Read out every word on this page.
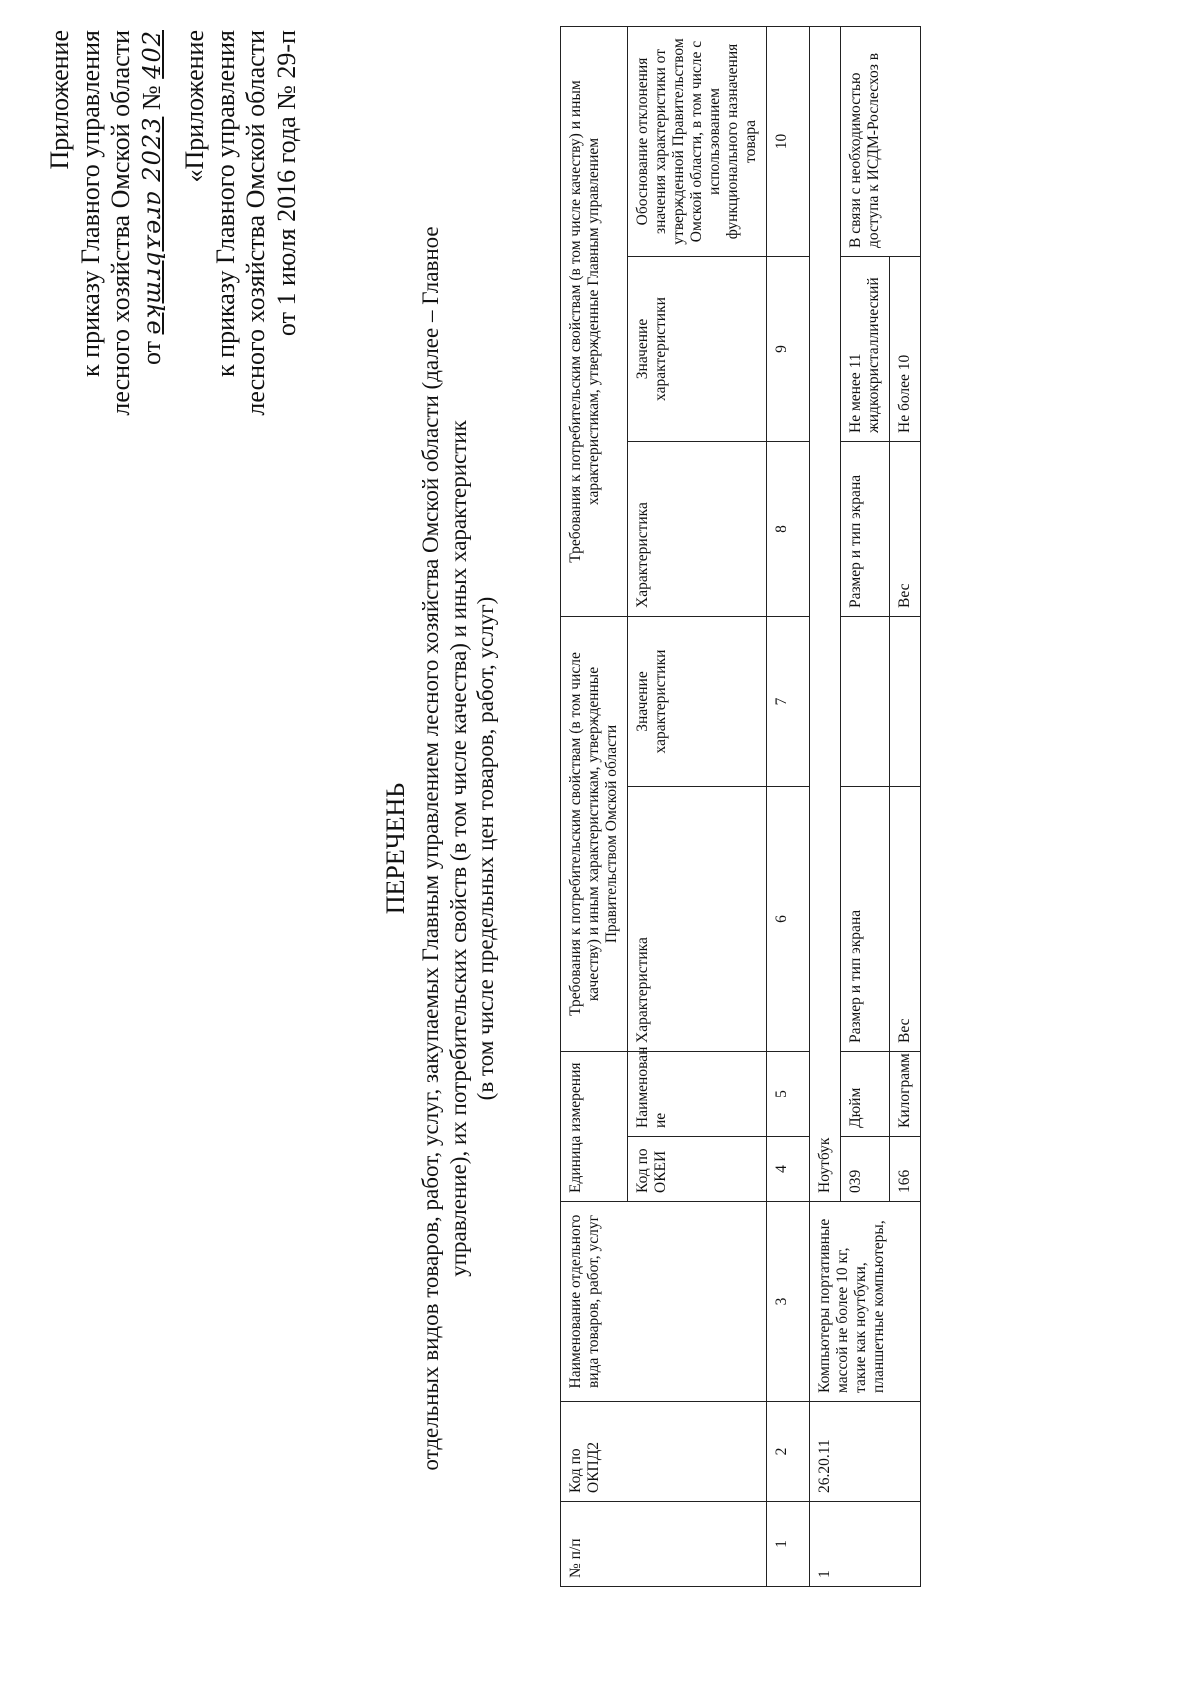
Приложение к приказу Главного управления лесного хозяйства Омской области от ǝʞɯɹqʏǝɹɐ 2023 № 402 «Приложение к приказу Главного управления лесного хозяйства Омской области от 1 июля 2016 года № 29-п
ПЕРЕЧЕНЬ отдельных видов товаров, работ, услуг, закупаемых Главным управлением лесного хозяйства Омской области (далее – Главное управление), их потребительских свойств (в том числе качества) и иных характеристик (в том числе предельных цен товаров, работ, услуг)
№ п/п	Код по ОКПД2	Наименование отдельного вида товаров, работ, услуг	Единица измерения		Требования к потребительским свойствам (в том числе качеству) и иным характеристикам, утвержденные Правительством Омской области		Требования к потребительским свойствам (в том числе качеству) и иным характеристикам, утвержденные Главным управлением		
			Код по ОКЕИ	Наименован ие	Характеристика	Значение характеристики	Характеристика	Значение характеристики	Обоснование отклонения значения характеристики от утвержденной Правительством Омской области, в том числе с использованием функционального назначения товара
1	2	3	4	5	6	7	8	9	10
1	26.20.11	Компьютеры портативные массой не более 10 кг, такие как ноутбуки, планшетные компьютеры,	Ноутбук						
			039	Дюйм	Размер и тип экрана		Размер и тип экрана	Не менее 11 жидкокристаллический	В связи с необходимостью доступа к ИСДМ-Рослесхоз в
			166	Килограмм	Вес		Вес	Не более 10	
